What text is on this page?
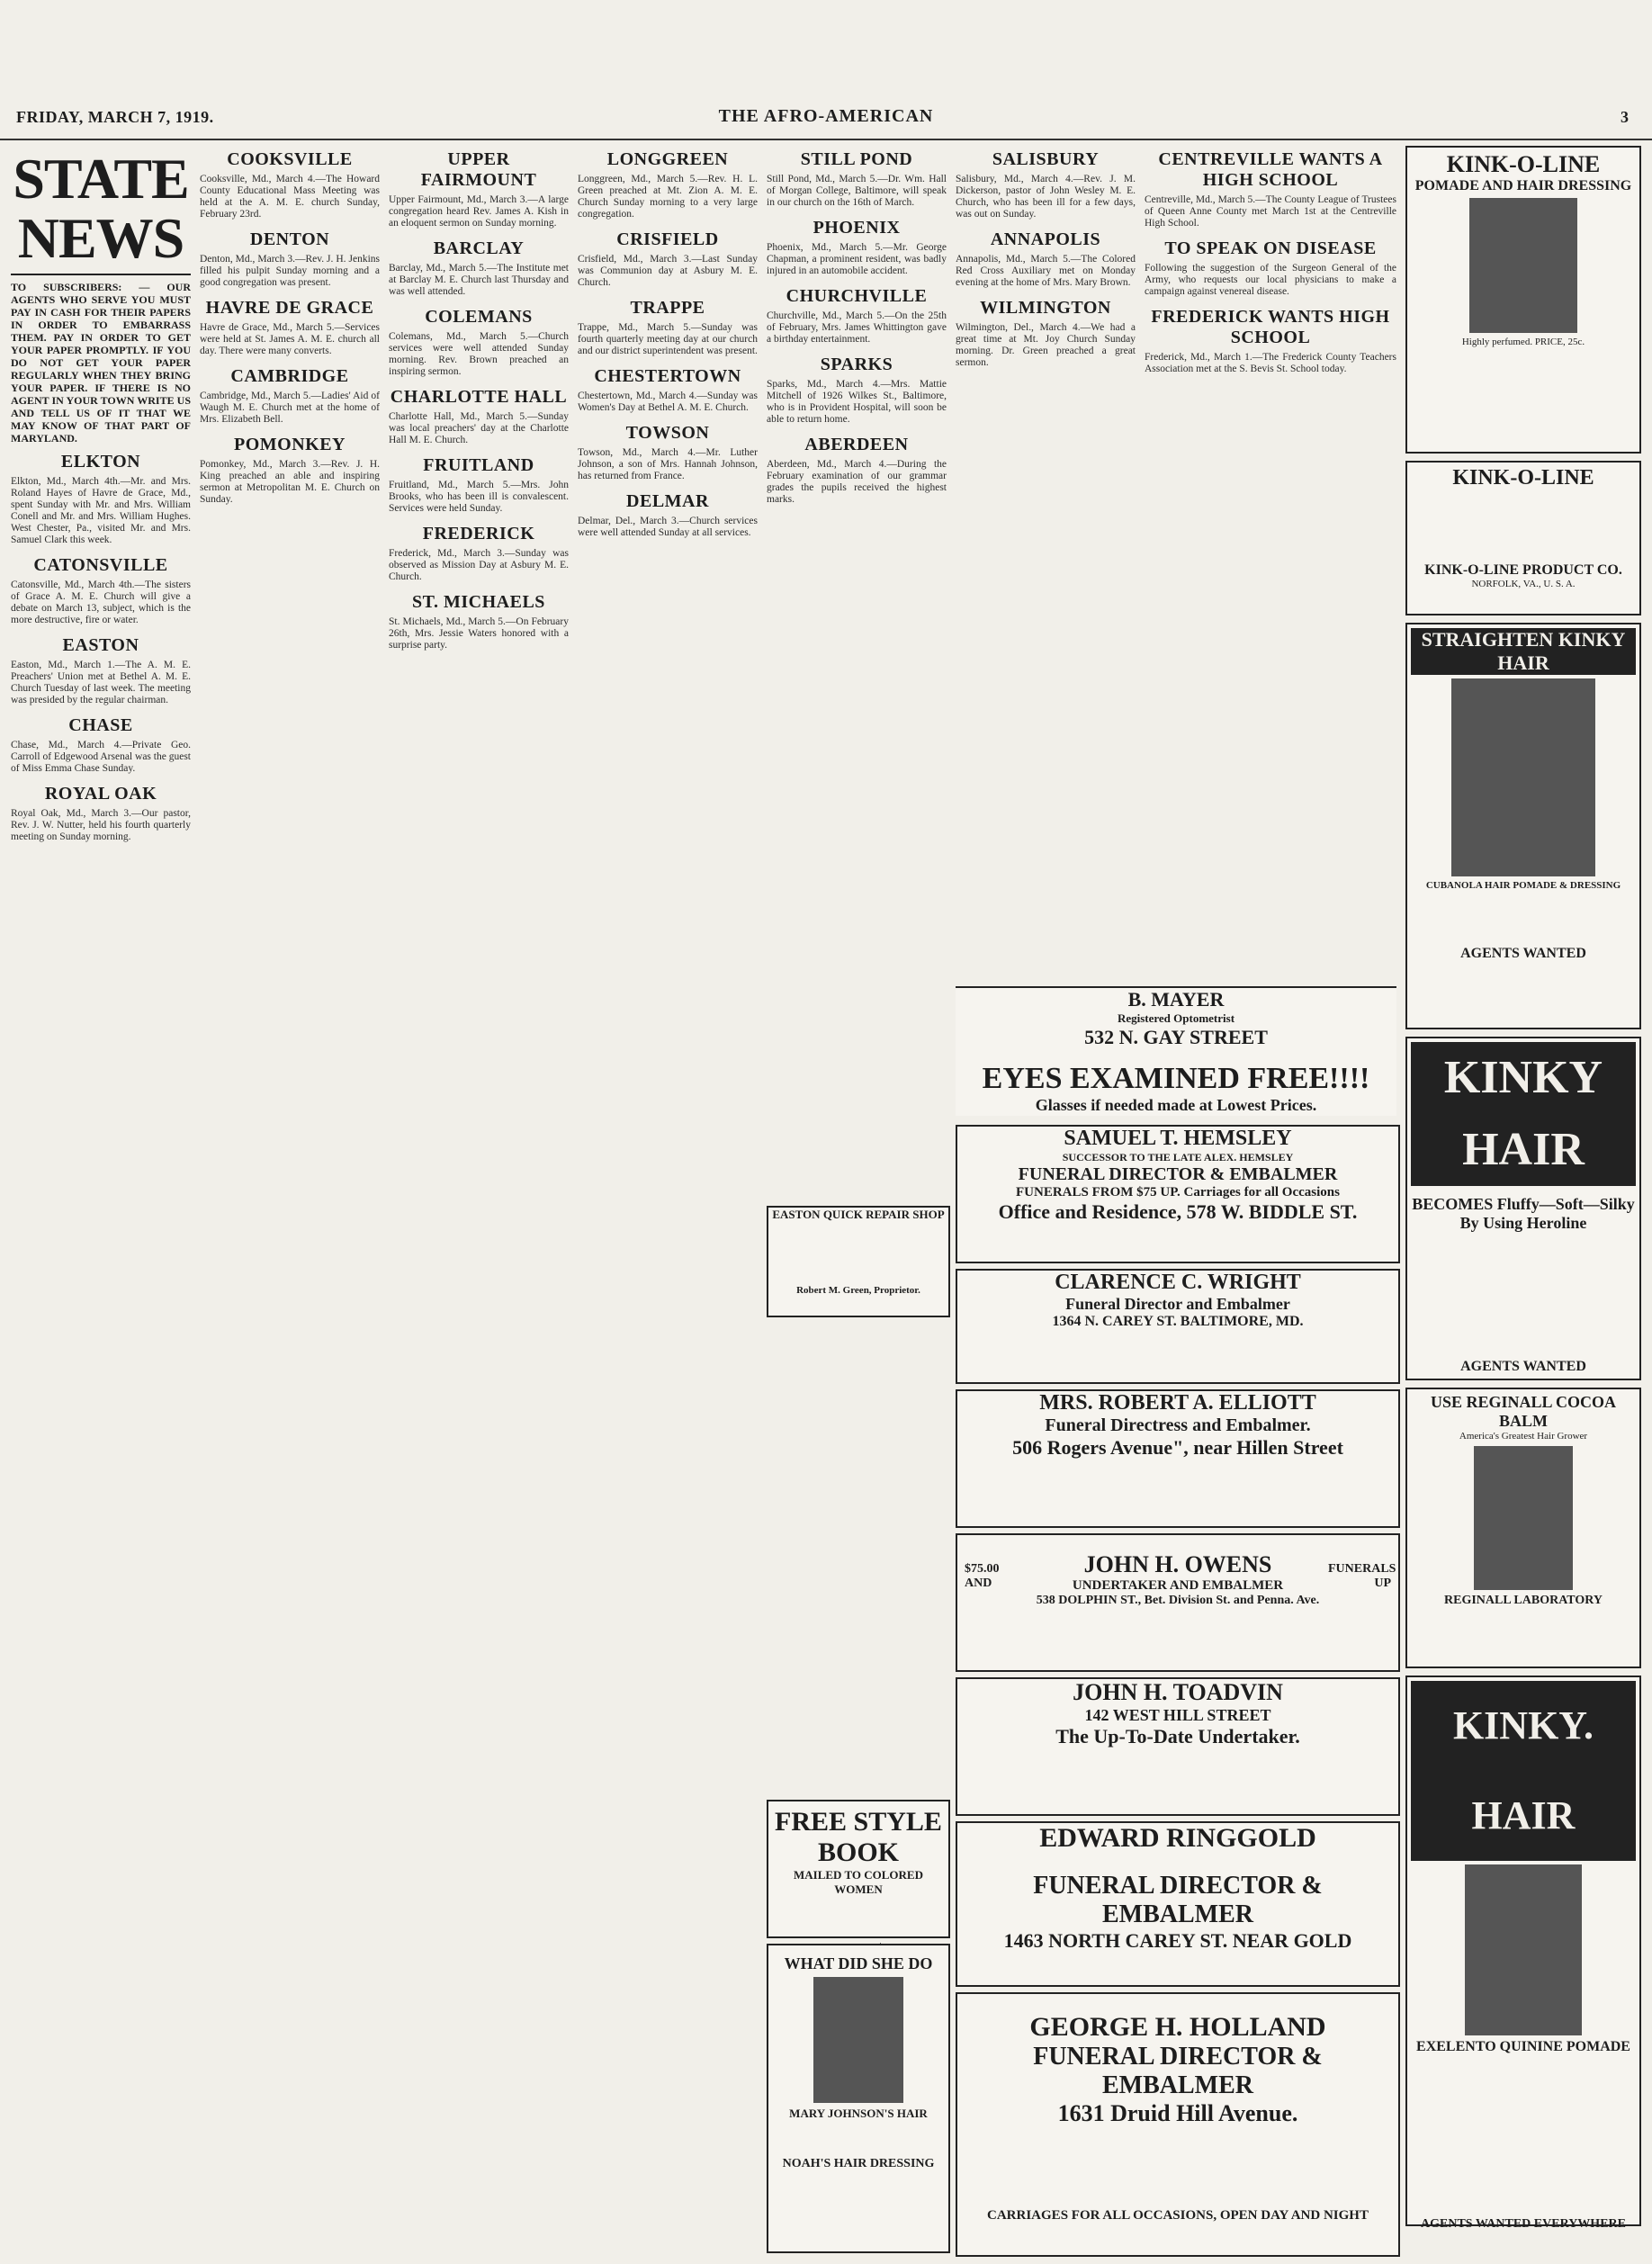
FRIDAY, MARCH 7, 1919.	THE AFRO-AMERICAN	3
STATE NEWS
TO SUBSCRIBERS: — OUR AGENTS WHO SERVE YOU MUST PAY IN CASH FOR THEIR PAPERS IN ORDER TO EMBARRASS THEM. PAY IN ORDER TO GET YOUR PAPER PROMPTLY. IF YOU DO NOT GET YOUR PAPER REGULARLY WHEN THEY BRING YOUR PAPER. IF THERE IS NO AGENT IN YOUR TOWN WRITE US AND TELL US OF IT THAT WE MAY KNOW OF THAT PART OF MARYLAND.
ELKTON
Elkton, Md., March 4th.—Mr. and Mrs. Roland Hayes of Havre de Grace, Md., spent Sunday with Mr. and Mrs. William Conell and Mr. and Mrs. William Hughes. West Chester, Pa., visited Mr. and Mrs. Samuel Clark this week.
CATONSVILLE
Catonsville, Md., March 4th.—The sisters of Grace A. M. E. Church will give a debate on March 13, subject, which is the more destructive, fire or water.
EASTON
Easton, Md., March 1.—The A. M. E. Preachers' Union met at Bethel A. M. E. Church Tuesday of last week. The meeting was presided by the regular chairman.
CHASE
Chase, Md., March 4.—Private Geo. Carroll of Edgewood Arsenal was the guest of Miss Emma Chase Sunday.
ROYAL OAK
Royal Oak, Md., March 3.—Our pastor, Rev. J. W. Nutter, held his fourth quarterly meeting on Sunday morning.
COOKSVILLE
Cooksville, Md., March 4.—The Howard County Educational Mass Meeting was held at the A. M. E. church Sunday, February 23rd.
DENTON
Denton, Md., March 3.—Rev. J. H. Jenkins filled his pulpit Sunday morning and a good congregation was present.
HAVRE DE GRACE
Havre de Grace, Md., March 5.—Services were held at St. James A. M. E. church all day. There were many converts.
CAMBRIDGE
Cambridge, Md., March 5.—Ladies' Aid of Waugh M. E. Church met at the home of Mrs. Elizabeth Bell.
POMONKEY
Pomonkey, Md., March 3.—Rev. J. H. King preached an able and inspiring sermon at Metropolitan M. E. Church on Sunday.
UPPER FAIRMOUNT
Upper Fairmount, Md., March 3.—A large congregation heard Rev. James A. Kish in an eloquent sermon on Sunday morning.
BARCLAY
Barclay, Md., March 5.—The Institute met at Barclay M. E. Church last Thursday and was well attended.
COLEMANS
Colemans, Md., March 5.—Church services were well attended Sunday morning. Rev. Brown preached an inspiring sermon.
CHARLOTTE HALL
Charlotte Hall, Md., March 5.—Sunday was local preachers' day at the Charlotte Hall M. E. Church.
FRUITLAND
Fruitland, Md., March 5.—Mrs. John Brooks, who has been ill is convalescent. Services were held Sunday.
FREDERICK
Frederick, Md., March 3.—Sunday was observed as Mission Day at Asbury M. E. Church.
ST. MICHAELS
St. Michaels, Md., March 5.—On February 26th, Mrs. Jessie Waters honored with a surprise party.
LONGGREEN
Longgreen, Md., March 5.—Rev. H. L. Green preached at Mt. Zion A. M. E. Church Sunday morning to a very large congregation.
CRISFIELD
Crisfield, Md., March 3.—Last Sunday was Communion day at Asbury M. E. Church.
TRAPPE
Trappe, Md., March 5.—Sunday was fourth quarterly meeting day at our church and our district superintendent was present.
CHESTERTOWN
Chestertown, Md., March 4.—Sunday was Women's Day at Bethel A. M. E. Church.
TOWSON
Towson, Md., March 4.—Mr. Luther Johnson, a son of Mrs. Hannah Johnson, has returned from France.
DELMAR
Delmar, Del., March 3.—Church services were well attended Sunday at all services.
STILL POND
Still Pond, Md., March 5.—Dr. Wm. Hall of Morgan College, Baltimore, will speak in our church on the 16th of March.
PHOENIX
Phoenix, Md., March 5.—Mr. George Chapman, a prominent resident, was badly injured in an automobile accident.
CHURCHVILLE
Churchville, Md., March 5.—On the 25th of February, Mrs. James Whittington gave a birthday entertainment.
SPARKS
Sparks, Md., March 4.—Mrs. Mattie Mitchell of 1926 Wilkes St., Baltimore, who is in Provident Hospital, will soon be able to return home.
ABERDEEN
Aberdeen, Md., March 4.—During the February examination of our grammar grades the pupils received the highest marks.
SALISBURY
Salisbury, Md., March 4.—Rev. J. M. Dickerson, pastor of John Wesley M. E. Church, who has been ill for a few days, was out on Sunday.
ANNAPOLIS
Annapolis, Md., March 5.—The Colored Red Cross Auxiliary met on Monday evening at the home of Mrs. Mary Brown.
WILMINGTON
Wilmington, Del., March 4.—We had a great time at Mt. Joy Church Sunday morning. Dr. Green preached a great sermon.
CENTREVILLE WANTS A HIGH SCHOOL
Centreville, Md., March 5.—The County League of Trustees of Queen Anne County met March 1st at the Centreville High School.
TO SPEAK ON DISEASE
Following the suggestion of the Surgeon General of the Army, who requests our local physicians to make a campaign against venereal disease.
FREDERICK WANTS HIGH SCHOOL
Frederick, Md., March 1.—The Frederick County Teachers Association met at the S. Bevis St. School today.
KINK-O-LINE
POMADE AND HAIR DRESSING
Highly perfumed. PRICE, 25c.
KINK-O-LINE
KINK-O-LINE PRODUCT CO.
NORFOLK, VA., U. S. A.
STRAIGHTEN KINKY HAIR
CUBANOLA HAIR POMADE & DRESSING
AGENTS WANTED
KINKY HAIR
BECOMES Fluffy—Soft—Silky By Using Heroline
AGENTS WANTED
USE REGINALL COCOA BALM
America's Greatest Hair Grower
REGINALL LABORATORY
KINKY. HAIR
EXELENTO QUININE POMADE
AGENTS WANTED EVERYWHERE
B. MAYER
Registered Optometrist
532 N. GAY STREET
EYES EXAMINED FREE!!!!
Glasses if needed made at Lowest Prices.
SAMUEL T. HEMSLEY
SUCCESSOR TO THE LATE ALEX. HEMSLEY
FUNERAL DIRECTOR & EMBALMER
FUNERALS FROM $75 UP. Carriages for all Occasions
Office and Residence, 578 W. BIDDLE ST.
CLARENCE C. WRIGHT
Funeral Director and Embalmer
1364 N. CAREY ST. BALTIMORE, MD.
MRS. ROBERT A. ELLIOTT
Funeral Directress and Embalmer.
506 Rogers Avenue", near Hillen Street
$75.00 AND
FUNERALS UP
JOHN H. OWENS
UNDERTAKER AND EMBALMER
538 DOLPHIN ST., Bet. Division St. and Penna. Ave.
JOHN H. TOADVIN
142 WEST HILL STREET
The Up-To-Date Undertaker.
EDWARD RINGGOLD
FUNERAL DIRECTOR & EMBALMER
1463 NORTH CAREY ST. NEAR GOLD
GEORGE H. HOLLAND
FUNERAL DIRECTOR & EMBALMER
1631 Druid Hill Avenue.
CARRIAGES FOR ALL OCCASIONS, OPEN DAY AND NIGHT
EASTON QUICK REPAIR SHOP
Robert M. Green, Proprietor.
FREE STYLE BOOK
MAILED TO COLORED WOMEN
WHAT DID SHE DO
MARY JOHNSON'S HAIR
NOAH'S HAIR DRESSING
